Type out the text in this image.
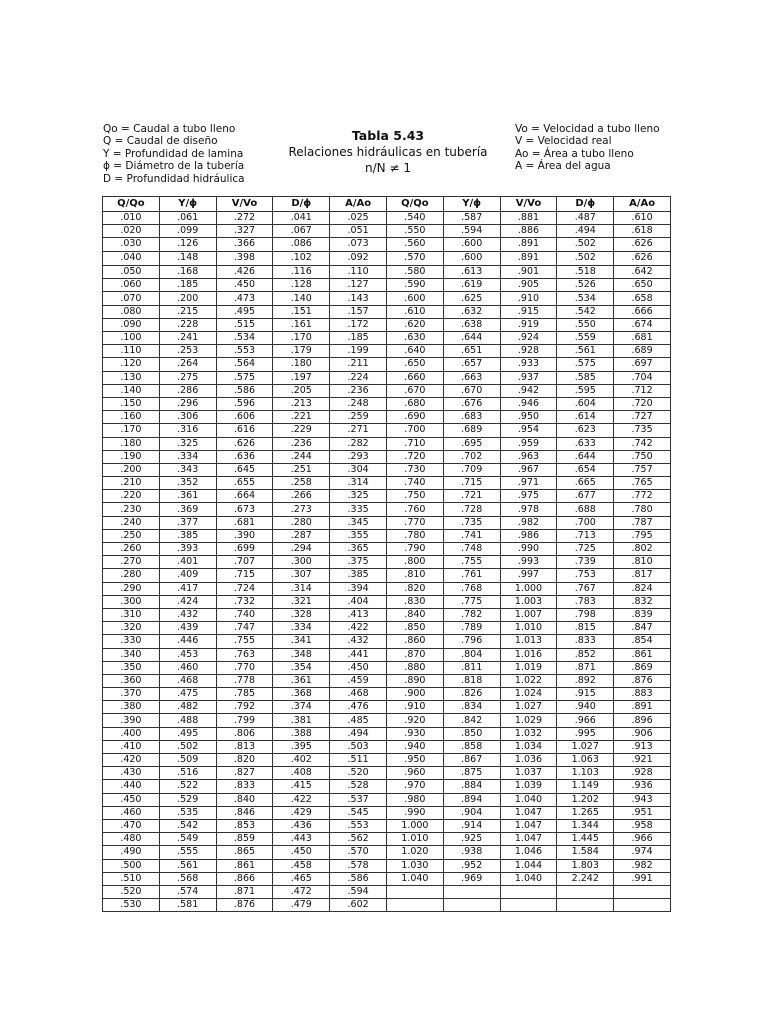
Qo = Caudal a tubo lleno
Q = Caudal de diseño
Y = Profundidad de lamina
ϕ = Diámetro de la tubería
D = Profundidad hidráulica
Tabla 5.43
Relaciones hidráulicas en tubería
n/N ≠ 1
Vo = Velocidad a tubo lleno
V = Velocidad real
Ao = Área a tubo lleno
A = Área del agua
Q/Qo	Y/ϕ	V/Vo	D/ϕ	A/Ao	Q/Qo	Y/ϕ	V/Vo	D/ϕ	A/Ao
.010	.061	.272	.041	.025	.540	.587	.881	.487	.610
.020	.099	.327	.067	.051	.550	.594	.886	.494	.618
.030	.126	.366	.086	.073	.560	.600	.891	.502	.626
.040	.148	.398	.102	.092	.570	.600	.891	.502	.626
.050	.168	.426	.116	.110	.580	.613	.901	.518	.642
.060	.185	.450	.128	.127	.590	.619	.905	.526	.650
.070	.200	.473	.140	.143	.600	.625	.910	.534	.658
.080	.215	.495	.151	.157	.610	.632	.915	.542	.666
.090	.228	.515	.161	.172	.620	.638	.919	.550	.674
.100	.241	.534	.170	.185	.630	.644	.924	.559	.681
.110	.253	.553	.179	.199	.640	.651	.928	.561	.689
.120	.264	.564	.180	.211	.650	.657	.933	.575	.697
.130	.275	.575	.197	.224	.660	.663	.937	.585	.704
.140	.286	.586	.205	.236	.670	.670	.942	.595	.712
.150	.296	.596	.213	.248	.680	.676	.946	.604	.720
.160	.306	.606	.221	.259	.690	.683	.950	.614	.727
.170	.316	.616	.229	.271	.700	.689	.954	.623	.735
.180	.325	.626	.236	.282	.710	.695	.959	.633	.742
.190	.334	.636	.244	.293	.720	.702	.963	.644	.750
.200	.343	.645	.251	.304	.730	.709	.967	.654	.757
.210	.352	.655	.258	.314	.740	.715	.971	.665	.765
.220	.361	.664	.266	.325	.750	.721	.975	.677	.772
.230	.369	.673	.273	.335	.760	.728	.978	.688	.780
.240	.377	.681	.280	.345	.770	.735	.982	.700	.787
.250	.385	.390	.287	.355	.780	.741	.986	.713	.795
.260	.393	.699	.294	.365	.790	.748	.990	.725	.802
.270	.401	.707	.300	.375	.800	.755	.993	.739	.810
.280	.409	.715	.307	.385	.810	.761	.997	.753	.817
.290	.417	.724	.314	.394	.820	.768	1.000	.767	.824
.300	.424	.732	.321	.404	.830	.775	1.003	.783	.832
.310	.432	.740	.328	.413	.840	.782	1.007	.798	.839
.320	.439	.747	.334	.422	.850	.789	1.010	.815	.847
.330	.446	.755	.341	.432	.860	.796	1.013	.833	.854
.340	.453	.763	.348	.441	.870	.804	1.016	.852	.861
.350	.460	.770	.354	.450	.880	.811	1.019	.871	.869
.360	.468	.778	.361	.459	.890	.818	1.022	.892	.876
.370	.475	.785	.368	.468	.900	.826	1.024	.915	.883
.380	.482	.792	.374	.476	.910	.834	1.027	.940	.891
.390	.488	.799	.381	.485	.920	.842	1.029	.966	.896
.400	.495	.806	.388	.494	.930	.850	1.032	.995	.906
.410	.502	.813	.395	.503	.940	.858	1.034	1.027	.913
.420	.509	.820	.402	.511	.950	.867	1.036	1.063	.921
.430	.516	.827	.408	.520	.960	.875	1.037	1.103	.928
.440	.522	.833	.415	.528	.970	.884	1.039	1.149	.936
.450	.529	.840	.422	.537	.980	.894	1.040	1.202	.943
.460	.535	.846	.429	.545	.990	.904	1.047	1.265	.951
.470	.542	.853	.436	.553	1.000	.914	1.047	1.344	.958
.480	.549	.859	.443	.562	1.010	.925	1.047	1.445	.966
.490	.555	.865	.450	.570	1.020	.938	1.046	1.584	.974
.500	.561	.861	.458	.578	1.030	.952	1.044	1.803	.982
.510	.568	.866	.465	.586	1.040	.969	1.040	2.242	.991
.520	.574	.871	.472	.594					
.530	.581	.876	.479	.602					
